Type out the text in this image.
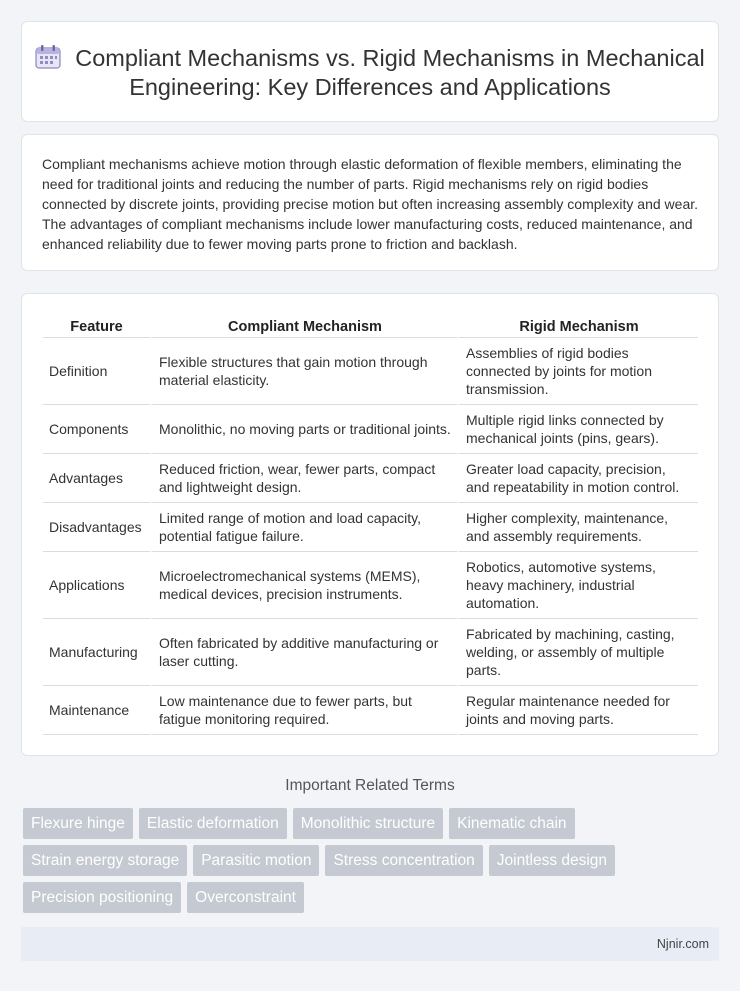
Compliant Mechanisms vs. Rigid Mechanisms in Mechanical Engineering: Key Differences and Applications

Compliant mechanisms achieve motion through elastic deformation of flexible members, eliminating the need for traditional joints and reducing the number of parts. Rigid mechanisms rely on rigid bodies connected by discrete joints, providing precise motion but often increasing assembly complexity and wear. The advantages of compliant mechanisms include lower manufacturing costs, reduced maintenance, and enhanced reliability due to fewer moving parts prone to friction and backlash.

Feature	Compliant Mechanism	Rigid Mechanism
Definition	Flexible structures that gain motion through material elasticity.	Assemblies of rigid bodies connected by joints for motion transmission.
Components	Monolithic, no moving parts or traditional joints.	Multiple rigid links connected by mechanical joints (pins, gears).
Advantages	Reduced friction, wear, fewer parts, compact and lightweight design.	Greater load capacity, precision, and repeatability in motion control.
Disadvantages	Limited range of motion and load capacity, potential fatigue failure.	Higher complexity, maintenance, and assembly requirements.
Applications	Microelectromechanical systems (MEMS), medical devices, precision instruments.	Robotics, automotive systems, heavy machinery, industrial automation.
Manufacturing	Often fabricated by additive manufacturing or laser cutting.	Fabricated by machining, casting, welding, or assembly of multiple parts.
Maintenance	Low maintenance due to fewer parts, but fatigue monitoring required.	Regular maintenance needed for joints and moving parts.
Important Related Terms
Flexure hinge Elastic deformation Monolithic structure Kinematic chain
Strain energy storage Parasitic motion Stress concentration Jointless design
Precision positioning Overconstraint
Njnir.com
